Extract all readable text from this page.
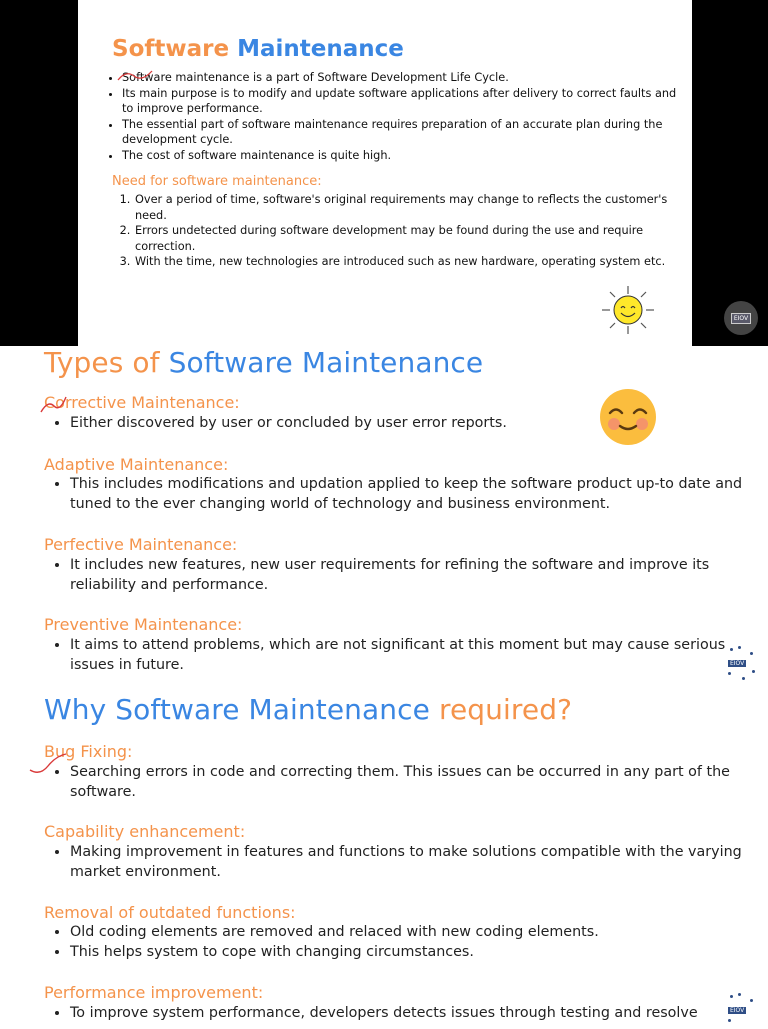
Software Maintenance
• Software maintenance is a part of Software Development Life Cycle.
• Its main purpose is to modify and update software applications after delivery to correct faults and to improve performance.
• The essential part of software maintenance requires preparation of an accurate plan during the development cycle.
• The cost of software maintenance is quite high.
Need for software maintenance:
1. Over a period of time, software's original requirements may change to reflects the customer's need.
2. Errors undetected during software development may be found during the use and require correction.
3. With the time, new technologies are introduced such as new hardware, operating system etc.
EIOV
Types of Software Maintenance
Corrective Maintenance:
• Either discovered by user or concluded by user error reports.
Adaptive Maintenance:
• This includes modifications and updation applied to keep the software product up-to date and tuned to the ever changing world of technology and business environment.
Perfective Maintenance:
• It includes new features, new user requirements for refining the software and improve its reliability and performance.
Preventive Maintenance:
• It aims to attend problems, which are not significant at this moment but may cause serious issues in future.	EIOV
Why Software Maintenance required?
Bug Fixing:
• Searching errors in code and correcting them. This issues can be occurred in any part of the software.
Capability enhancement:
• Making improvement in features and functions to make solutions compatible with the varying market environment.
Removal of outdated functions:
• Old coding elements are removed and relaced with new coding elements.
• This helps system to cope with changing circumstances.
Performance improvement:
• To improve system performance, developers detects issues through testing and resolve	EIOV
